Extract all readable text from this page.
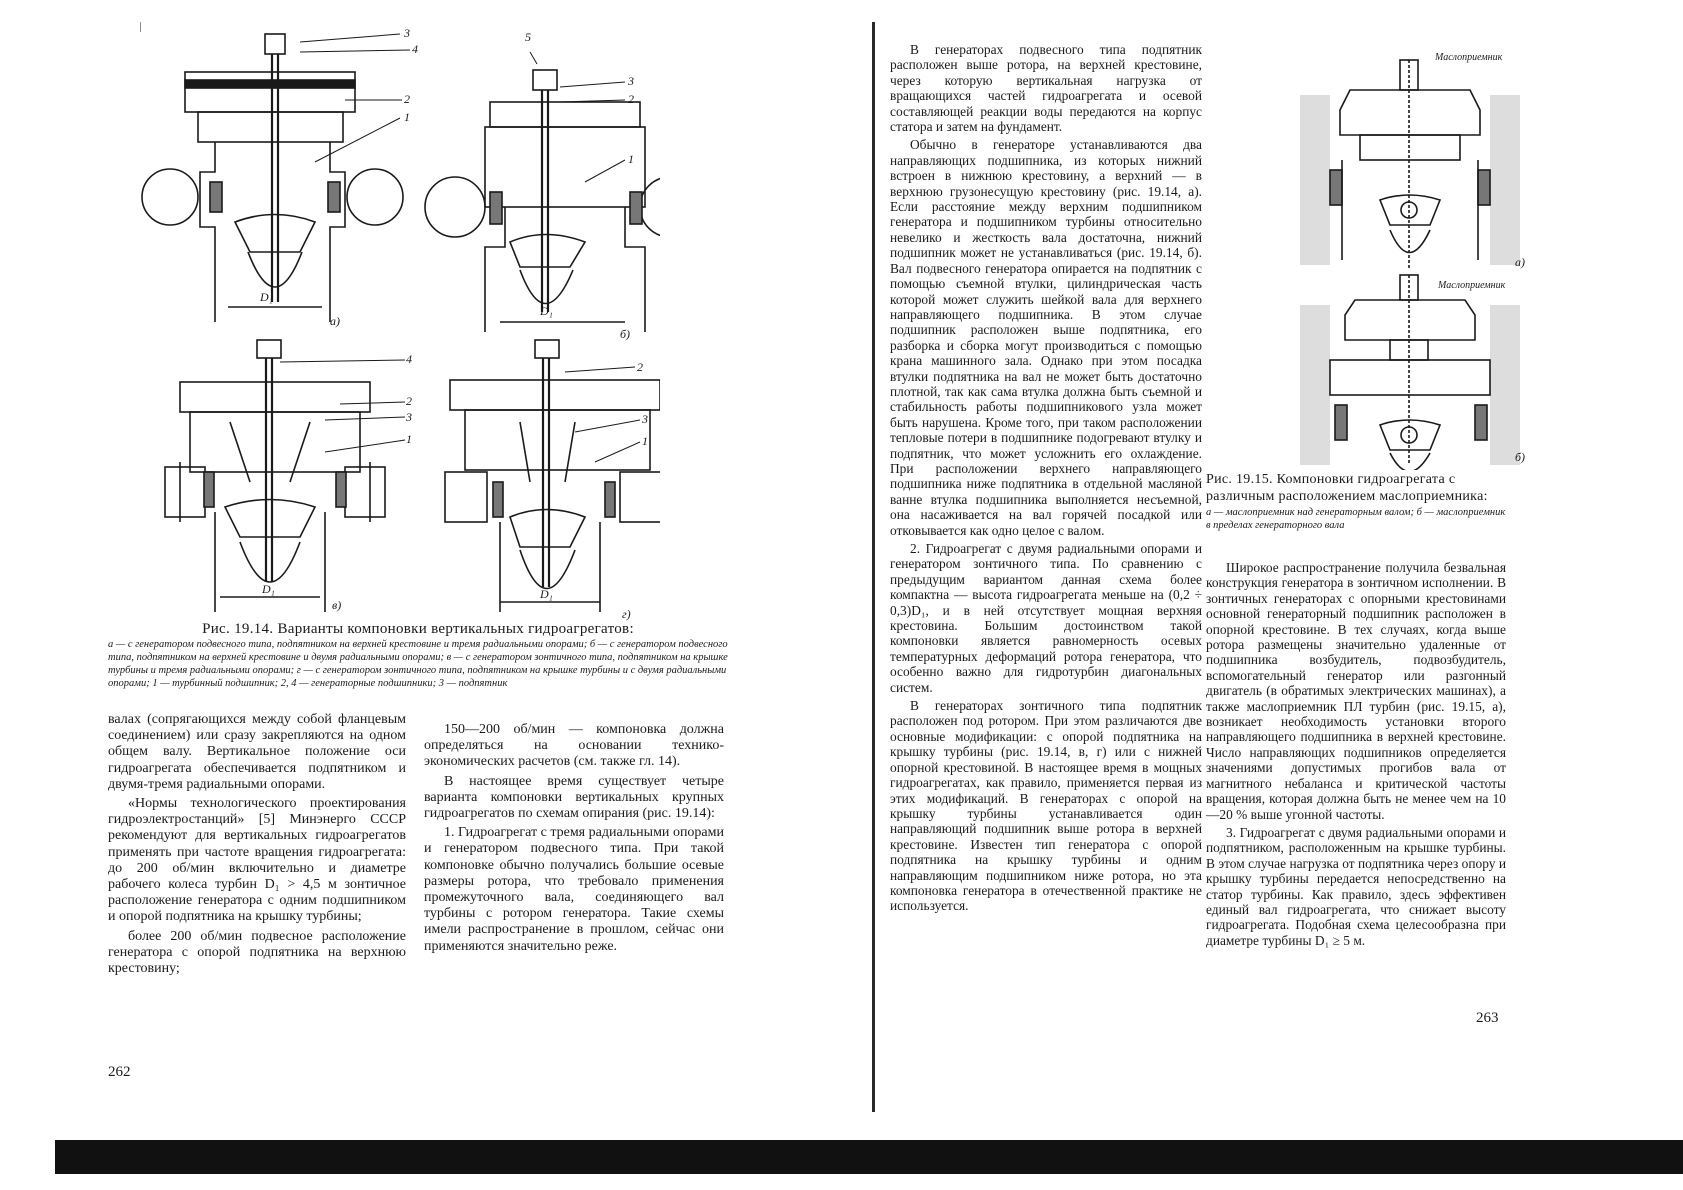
а)
б)
в)
г)
D₁
D₁
D₁	D₁
3
4
2
1
5
3
2
1
4
2
3
1
2
3
1
Рис. 19.14. Варианты компоновки вертикальных гидроагрегатов:
а — с генератором подвесного типа, подпятником на верхней крестовине и тремя радиальными опорами; б — с генератором подвесного типа, подпятником на верхней крестовине и двумя радиальными опорами; в — с генератором зонтичного типа, подпятником на крышке турбины и тремя радиальными опорами; г — с генератором зонтичного типа, подпятником на крышке турбины и с двумя радиальными опорами; 1 — турбинный подшипник; 2, 4 — генераторные подшипники; 3 — подпятник

валах (сопрягающихся между собой фланцевым соединением) или сразу закрепляются на одном общем валу. Вертикальное положение оси гидроагрегата обеспечивается подпятником и двумя-тремя радиальными опорами.

«Нормы технологического проектирования гидроэлектростанций» [5] Минэнерго СССР рекомендуют для вертикальных гидроагрегатов применять при частоте вращения гидроагрегата: до 200 об/мин включительно и диаметре рабочего колеса турбин D₁ > 4,5 м зонтичное расположение генератора с одним подшипником и опорой подпятника на крышку турбины;

более 200 об/мин подвесное расположение генератора с опорой подпятника на верхнюю крестовину;

150—200 об/мин — компоновка должна определяться на основании технико-экономических расчетов (см. также гл. 14).

В настоящее время существует четыре варианта компоновки вертикальных крупных гидроагрегатов по схемам опирания (рис. 19.14):

1. Гидроагрегат с тремя радиальными опорами и генератором подвесного типа. При такой компоновке обычно получались большие осевые размеры ротора, что требовало применения промежуточного вала, соединяющего вал турбины с ротором генератора. Такие схемы имели распространение в прошлом, сейчас они применяются значительно реже.

262

В генераторах подвесного типа подпятник расположен выше ротора, на верхней крестовине, через которую вертикальная нагрузка от вращающихся частей гидроагрегата и осевой составляющей реакции воды передаются на корпус статора и затем на фундамент.

Обычно в генераторе устанавливаются два направляющих подшипника, из которых нижний встроен в нижнюю крестовину, а верхний — в верхнюю грузонесущую крестовину (рис. 19.14, а). Если расстояние между верхним подшипником генератора и подшипником турбины относительно невелико и жесткость вала достаточна, нижний подшипник может не устанавливаться (рис. 19.14, б). Вал подвесного генератора опирается на подпятник с помощью съемной втулки, цилиндрическая часть которой может служить шейкой вала для верхнего направляющего подшипника. В этом случае подшипник расположен выше подпятника, его разборка и сборка могут производиться с помощью крана машинного зала. Однако при этом посадка втулки подпятника на вал не может быть достаточно плотной, так как сама втулка должна быть съемной и стабильность работы подшипникового узла может быть нарушена. Кроме того, при таком расположении тепловые потери в подшипнике подогревают втулку и подпятник, что может усложнить его охлаждение. При расположении верхнего направляющего подшипника ниже подпятника в отдельной масляной ванне втулка подшипника выполняется несъемной, она насаживается на вал горячей посадкой или отковывается как одно целое с валом.

2. Гидроагрегат с двумя радиальными опорами и генератором зонтичного типа. По сравнению с предыдущим вариантом данная схема более компактна — высота гидроагрегата меньше на (0,2 ÷ 0,3)D₁, и в ней отсутствует мощная верхняя крестовина. Большим достоинством такой компоновки является равномерность осевых температурных деформаций ротора генератора, что особенно важно для гидротурбин диагональных систем.

В генераторах зонтичного типа подпятник расположен под ротором. При этом различаются две основные модификации: с опорой подпятника на крышку турбины (рис. 19.14, в, г) или с нижней опорной крестовиной. В настоящее время в мощных гидроагрегатах, как правило, применяется первая из этих модификаций. В генераторах с опорой на крышку турбины устанавливается один направляющий подшипник выше ротора в верхней крестовине. Известен тип генератора с опорой подпятника на крышку турбины и одним направляющим подшипником ниже ротора, но эта компоновка генератора в отечественной практике не используется.

Маслоприемник
Маслоприемник
а)
б)
Рис. 19.15. Компоновки гидроагрегата с различным расположением маслоприемника:
а — маслоприемник над генераторным валом; б — маслоприемник в пределах генераторного вала

Широкое распространение получила безвальная конструкция генератора в зонтичном исполнении. В зонтичных генераторах с опорными крестовинами основной генераторный подшипник расположен в опорной крестовине. В тех случаях, когда выше ротора размещены значительно удаленные от подшипника возбудитель, подвозбудитель, вспомогательный генератор или разгонный двигатель (в обратимых электрических машинах), а также маслоприемник ПЛ турбин (рис. 19.15, а), возникает необходимость установки второго направляющего подшипника в верхней крестовине. Число направляющих подшипников определяется значениями допустимых прогибов вала от магнитного небаланса и критической частоты вращения, которая должна быть не менее чем на 10—20 % выше угонной частоты.

3. Гидроагрегат с двумя радиальными опорами и подпятником, расположенным на крышке турбины. В этом случае нагрузка от подпятника через опору и крышку турбины передается непосредственно на статор турбины. Как правило, здесь эффективен единый вал гидроагрегата, что снижает высоту гидроагрегата. Подобная схема целесообразна при диаметре турбины D₁ ≥ 5 м.

263
